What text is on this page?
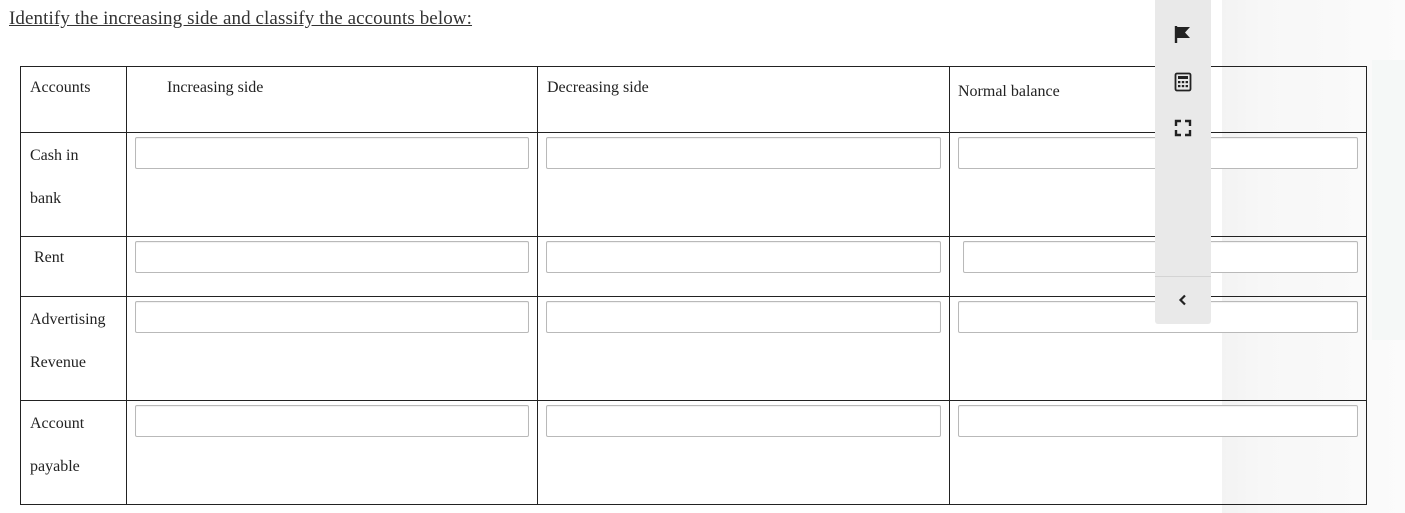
Identify the increasing side and classify the accounts below:
Accounts	Increasing side	Decreasing side	Normal balance

Cash in
bank

Rent

Advertising
Revenue

Account
payable
